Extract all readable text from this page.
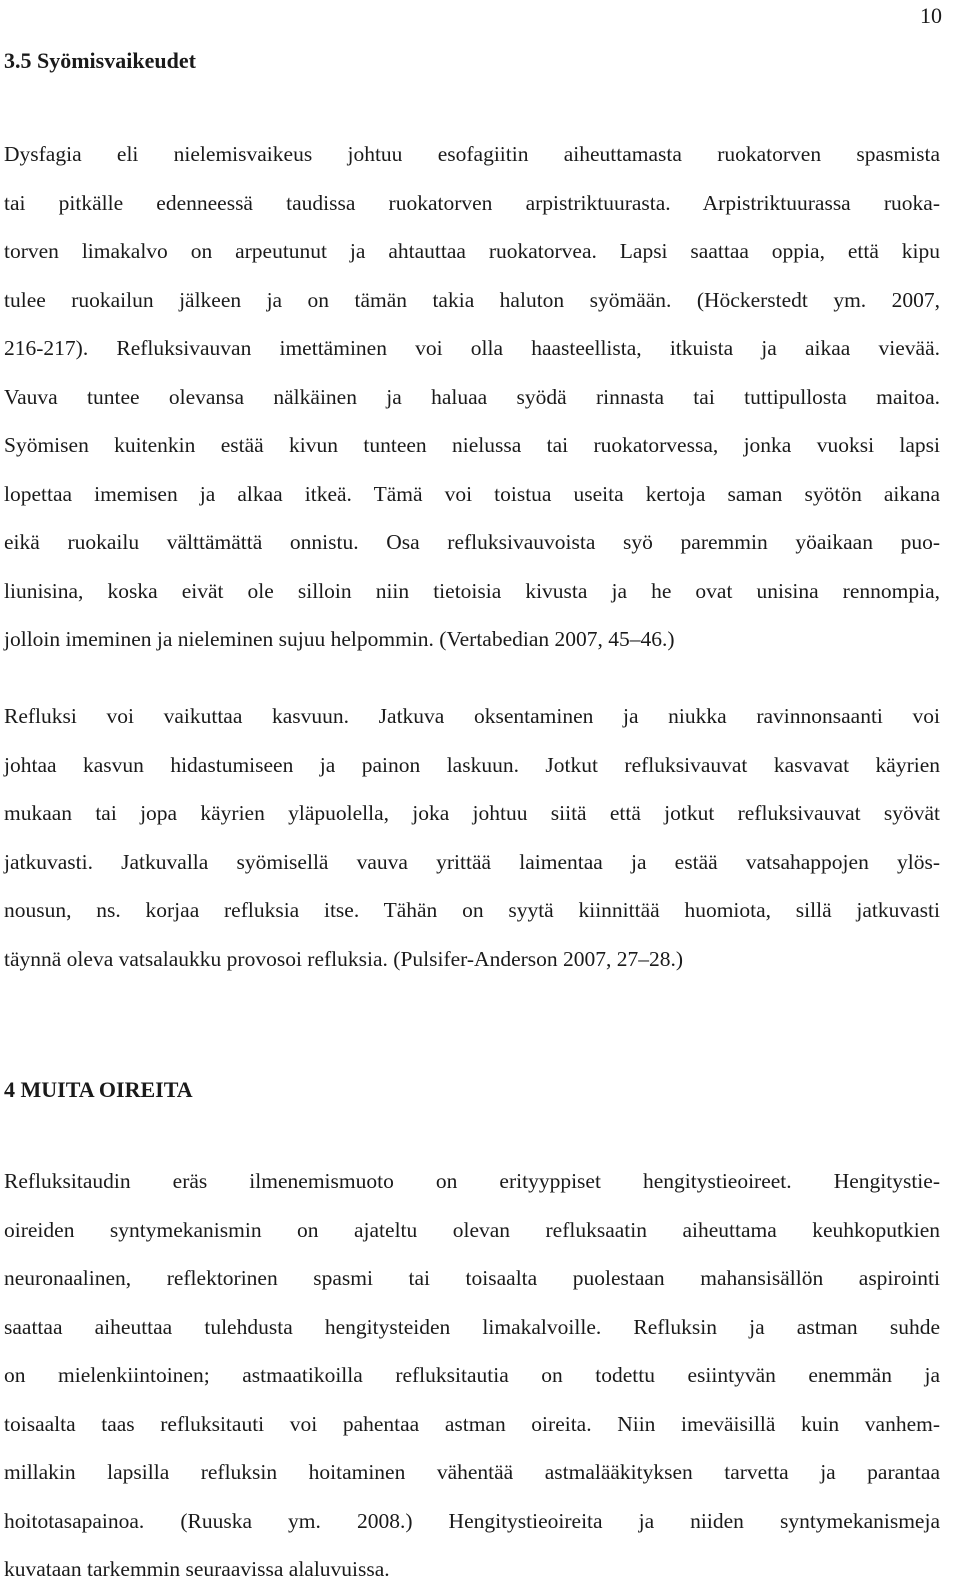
10
3.5 Syömisvaikeudet
Dysfagia eli nielemisvaikeus johtuu esofagiitin aiheuttamasta ruokatorven spasmista
tai pitkälle edenneessä taudissa ruokatorven arpistriktuurasta. Arpistriktuurassa ruoka-
torven limakalvo on arpeutunut ja ahtauttaa ruokatorvea. Lapsi saattaa oppia, että kipu
tulee ruokailun jälkeen ja on tämän takia haluton syömään. (Höckerstedt ym. 2007,
216-217). Refluksivauvan imettäminen voi olla haasteellista, itkuista ja aikaa vievää.
Vauva tuntee olevansa nälkäinen ja haluaa syödä rinnasta tai tuttipullosta maitoa.
Syömisen kuitenkin estää kivun tunteen nielussa tai ruokatorvessa, jonka vuoksi lapsi
lopettaa imemisen ja alkaa itkeä. Tämä voi toistua useita kertoja saman syötön aikana
eikä ruokailu välttämättä onnistu. Osa refluksivauvoista syö paremmin yöaikaan puo-
liunisina, koska eivät ole silloin niin tietoisia kivusta ja he ovat unisina rennompia,
jolloin imeminen ja nieleminen sujuu helpommin. (Vertabedian 2007, 45–46.)
Refluksi voi vaikuttaa kasvuun. Jatkuva oksentaminen ja niukka ravinnonsaanti voi
johtaa kasvun hidastumiseen ja painon laskuun. Jotkut refluksivauvat kasvavat käyrien
mukaan tai jopa käyrien yläpuolella, joka johtuu siitä että jotkut refluksivauvat syövät
jatkuvasti. Jatkuvalla syömisellä vauva yrittää laimentaa ja estää vatsahappojen ylös-
nousun, ns. korjaa refluksia itse. Tähän on syytä kiinnittää huomiota, sillä jatkuvasti
täynnä oleva vatsalaukku provosoi refluksia. (Pulsifer-Anderson 2007, 27–28.)
4 MUITA OIREITA
Refluksitaudin eräs ilmenemismuoto on erityyppiset hengitystieoireet. Hengitystie-
oireiden syntymekanismin on ajateltu olevan refluksaatin aiheuttama keuhkoputkien
neuronaalinen, reflektorinen spasmi tai toisaalta puolestaan mahansisällön aspirointi
saattaa aiheuttaa tulehdusta hengitysteiden limakalvoille. Refluksin ja astman suhde
on mielenkiintoinen; astmaatikoilla refluksitautia on todettu esiintyvän enemmän ja
toisaalta taas refluksitauti voi pahentaa astman oireita. Niin imeväisillä kuin vanhem-
millakin lapsilla refluksin hoitaminen vähentää astmalääkityksen tarvetta ja parantaa
hoitotasapainoa. (Ruuska ym. 2008.) Hengitystieoireita ja niiden syntymekanismeja
kuvataan tarkemmin seuraavissa alaluvuissa.
